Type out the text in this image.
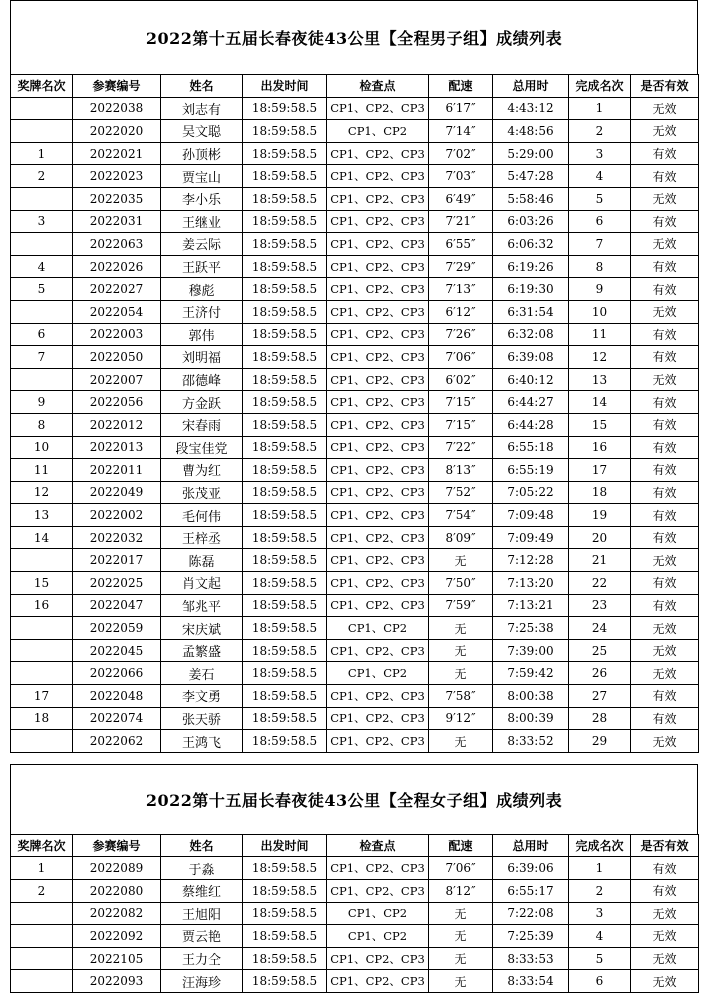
2022第十五届长春夜徒43公里【全程男子组】成绩列表
奖牌名次	参赛编号	姓名	出发时间	检查点	配速	总用时	完成名次	是否有效
	2022038	刘志有	18:59:58.5	CP1、CP2、CP3	6′17″	4:43:12	1	无效
	2022020	吴文聪	18:59:58.5	CP1、CP2	7′14″	4:48:56	2	无效
1	2022021	孙顶彬	18:59:58.5	CP1、CP2、CP3	7′02″	5:29:00	3	有效
2	2022023	贾宝山	18:59:58.5	CP1、CP2、CP3	7′03″	5:47:28	4	有效
	2022035	李小乐	18:59:58.5	CP1、CP2、CP3	6′49″	5:58:46	5	无效
3	2022031	王继业	18:59:58.5	CP1、CP2、CP3	7′21″	6:03:26	6	有效
	2022063	姜云际	18:59:58.5	CP1、CP2、CP3	6′55″	6:06:32	7	无效
4	2022026	王跃平	18:59:58.5	CP1、CP2、CP3	7′29″	6:19:26	8	有效
5	2022027	穆彪	18:59:58.5	CP1、CP2、CP3	7′13″	6:19:30	9	有效
	2022054	王济付	18:59:58.5	CP1、CP2、CP3	6′12″	6:31:54	10	无效
6	2022003	郭伟	18:59:58.5	CP1、CP2、CP3	7′26″	6:32:08	11	有效
7	2022050	刘明福	18:59:58.5	CP1、CP2、CP3	7′06″	6:39:08	12	有效
	2022007	邵德峰	18:59:58.5	CP1、CP2、CP3	6′02″	6:40:12	13	无效
9	2022056	方金跃	18:59:58.5	CP1、CP2、CP3	7′15″	6:44:27	14	有效
8	2022012	宋春雨	18:59:58.5	CP1、CP2、CP3	7′15″	6:44:28	15	有效
10	2022013	段宝佳党	18:59:58.5	CP1、CP2、CP3	7′22″	6:55:18	16	有效
11	2022011	曹为红	18:59:58.5	CP1、CP2、CP3	8′13″	6:55:19	17	有效
12	2022049	张茂亚	18:59:58.5	CP1、CP2、CP3	7′52″	7:05:22	18	有效
13	2022002	毛何伟	18:59:58.5	CP1、CP2、CP3	7′54″	7:09:48	19	有效
14	2022032	王梓丞	18:59:58.5	CP1、CP2、CP3	8′09″	7:09:49	20	有效
	2022017	陈磊	18:59:58.5	CP1、CP2、CP3	无	7:12:28	21	无效
15	2022025	肖文起	18:59:58.5	CP1、CP2、CP3	7′50″	7:13:20	22	有效
16	2022047	邹兆平	18:59:58.5	CP1、CP2、CP3	7′59″	7:13:21	23	有效
	2022059	宋庆斌	18:59:58.5	CP1、CP2	无	7:25:38	24	无效
	2022045	孟繁盛	18:59:58.5	CP1、CP2、CP3	无	7:39:00	25	无效
	2022066	姜石	18:59:58.5	CP1、CP2	无	7:59:42	26	无效
17	2022048	李文勇	18:59:58.5	CP1、CP2、CP3	7′58″	8:00:38	27	有效
18	2022074	张天骄	18:59:58.5	CP1、CP2、CP3	9′12″	8:00:39	28	有效
	2022062	王鸿飞	18:59:58.5	CP1、CP2、CP3	无	8:33:52	29	无效
2022第十五届长春夜徒43公里【全程女子组】成绩列表
奖牌名次	参赛编号	姓名	出发时间	检查点	配速	总用时	完成名次	是否有效
1	2022089	于淼	18:59:58.5	CP1、CP2、CP3	7′06″	6:39:06	1	有效
2	2022080	蔡维红	18:59:58.5	CP1、CP2、CP3	8′12″	6:55:17	2	有效
	2022082	王旭阳	18:59:58.5	CP1、CP2	无	7:22:08	3	无效
	2022092	贾云艳	18:59:58.5	CP1、CP2	无	7:25:39	4	无效
	2022105	王力仝	18:59:58.5	CP1、CP2、CP3	无	8:33:53	5	无效
	2022093	汪海珍	18:59:58.5	CP1、CP2、CP3	无	8:33:54	6	无效
